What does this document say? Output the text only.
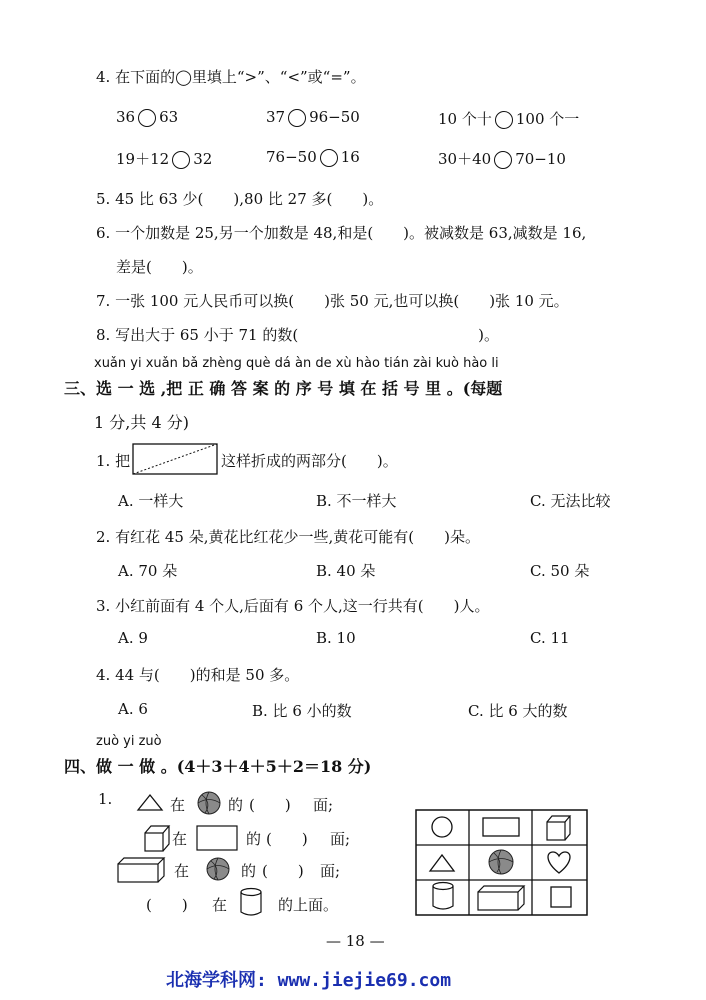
4. 在下面的◯里填上“>”、“<”或“=”。
36 63	37 96−50	10 个十 100 个一
19＋12 32	76−50 16	30＋40 70−10
5. 45 比 63 少(　　),80 比 27 多(　　)。
6. 一个加数是 25,另一个加数是 48,和是(　　)。被减数是 63,减数是 16,
差是(　　)。
7. 一张 100 元人民币可以换(　　)张 50 元,也可以换(　　)张 10 元。
8. 写出大于 65 小于 71 的数(　　　　　　　　　　　　)。
xuǎn yi xuǎn bǎ zhèng què dá àn de xù hào tián zài kuò hào li
三、选 一 选 ,把 正 确 答 案 的 序 号 填 在 括 号 里 。(每题
1 分,共 4 分)
1. 把	这样折成的两部分(　　)。
A. 一样大	B. 不一样大	C. 无法比较
2. 有红花 45 朵,黄花比红花少一些,黄花可能有(　　)朵。
A. 70 朵	B. 40 朵	C. 50 朵
3. 小红前面有 4 个人,后面有 6 个人,这一行共有(　　)人。
A. 9	B. 10	C. 11
4. 44 与(　　)的和是 50 多。
A. 6	B. 比 6 小的数	C. 比 6 大的数
zuò yi zuò
四、做 一 做 。(4＋3＋4＋5＋2＝18 分)
1.	在	的 (　　) 面;
在	的 (　　) 面;
在	的 (　　) 面;
(　　) 在	的上面。
— 18 —
北海学科网: www.jiejie69.com
